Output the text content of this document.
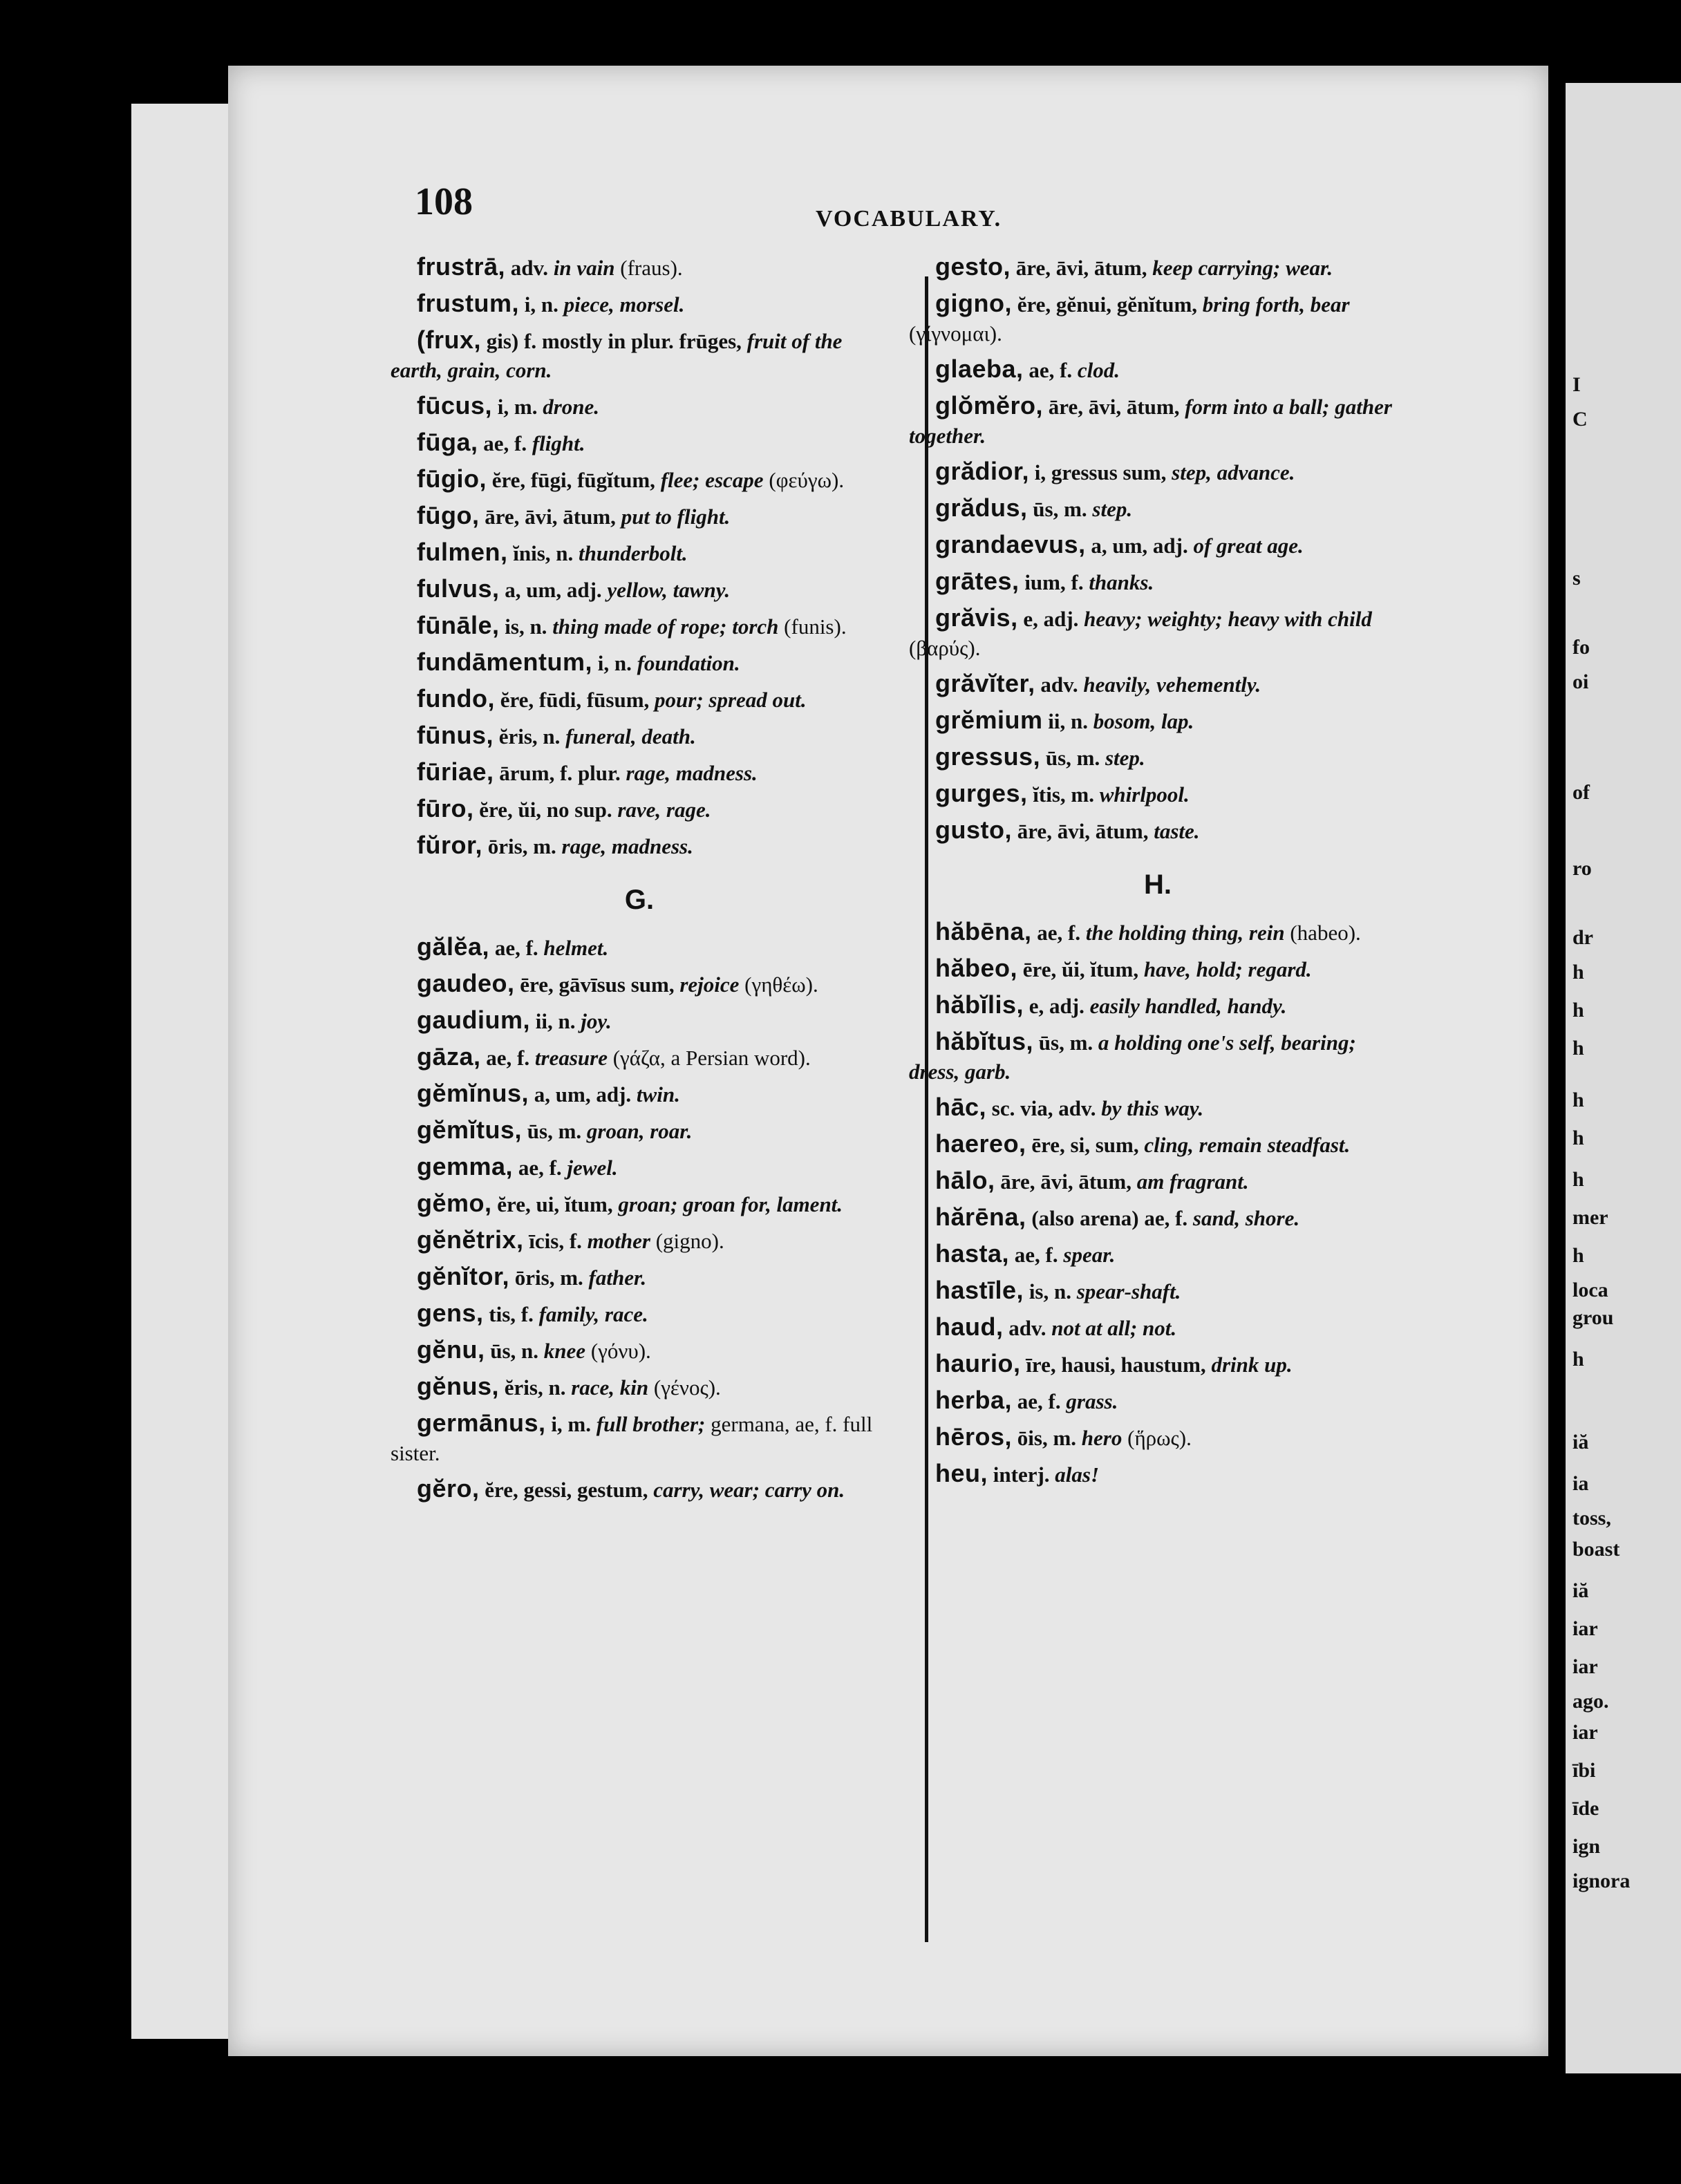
108	VOCABULARY.
frustrā, adv. in vain (fraus).
frustum, i, n. piece, morsel.
(frux, gis) f. mostly in plur. frūges, fruit of the earth, grain, corn.
fūcus, i, m. drone.
fūga, ae, f. flight.
fūgio, ĕre, fūgi, fūgĭtum, flee; escape (φεύγω).
fūgo, āre, āvi, ātum, put to flight.
fulmen, ĭnis, n. thunderbolt.
fulvus, a, um, adj. yellow, tawny.
fūnāle, is, n. thing made of rope; torch (funis).
fundāmentum, i, n. foundation.
fundo, ĕre, fūdi, fūsum, pour; spread out.
fūnus, ĕris, n. funeral, death.
fūriae, ārum, f. plur. rage, madness.
fūro, ĕre, ŭi, no sup. rave, rage.
fŭror, ōris, m. rage, madness.
G.
gălĕa, ae, f. helmet.
gaudeo, ēre, gāvīsus sum, rejoice (γηθέω).
gaudium, ii, n. joy.
gāza, ae, f. treasure (γάζα, a Persian word).
gĕmĭnus, a, um, adj. twin.
gĕmĭtus, ūs, m. groan, roar.
gemma, ae, f. jewel.
gĕmo, ĕre, ui, ĭtum, groan; groan for, lament.
gĕnĕtrix, īcis, f. mother (gigno).
gĕnĭtor, ōris, m. father.
gens, tis, f. family, race.
gĕnu, ūs, n. knee (γόνυ).
gĕnus, ĕris, n. race, kin (γένος).
germānus, i, m. full brother; germana, ae, f. full sister.
gĕro, ĕre, gessi, gestum, carry, wear; carry on.
gesto, āre, āvi, ātum, keep carrying; wear.
gigno, ĕre, gĕnui, gĕnĭtum, bring forth, bear (γίγνομαι).
glaeba, ae, f. clod.
glŏmĕro, āre, āvi, ātum, form into a ball; gather together.
grădior, i, gressus sum, step, advance.
grădus, ūs, m. step.
grandaevus, a, um, adj. of great age.
grātes, ium, f. thanks.
grăvis, e, adj. heavy; weighty; heavy with child (βαρύς).
grăvĭter, adv. heavily, vehemently.
grĕmium ii, n. bosom, lap.
gressus, ūs, m. step.
gurges, ĭtis, m. whirlpool.
gusto, āre, āvi, ātum, taste.
H.
hăbēna, ae, f. the holding thing, rein (habeo).
hăbeo, ēre, ŭi, ĭtum, have, hold; regard.
hăbĭlis, e, adj. easily handled, handy.
hăbĭtus, ūs, m. a holding one's self, bearing; dress, garb.
hāc, sc. via, adv. by this way.
haereo, ēre, si, sum, cling, remain steadfast.
hālo, āre, āvi, ātum, am fragrant.
hărēna, (also arena) ae, f. sand, shore.
hasta, ae, f. spear.
hastīle, is, n. spear-shaft.
haud, adv. not at all; not.
haurio, īre, hausi, haustum, drink up.
herba, ae, f. grass.
hēros, ōis, m. hero (ἥρως).
heu, interj. alas!
I
C
s
fo
oi
of
ro
dr
h
h
h
h
h
h
mer
h
loca
grou
h
iă
ia
toss,
boast
iă
iar
iar
ago.
iar
ībi
īde
ign
ignora
